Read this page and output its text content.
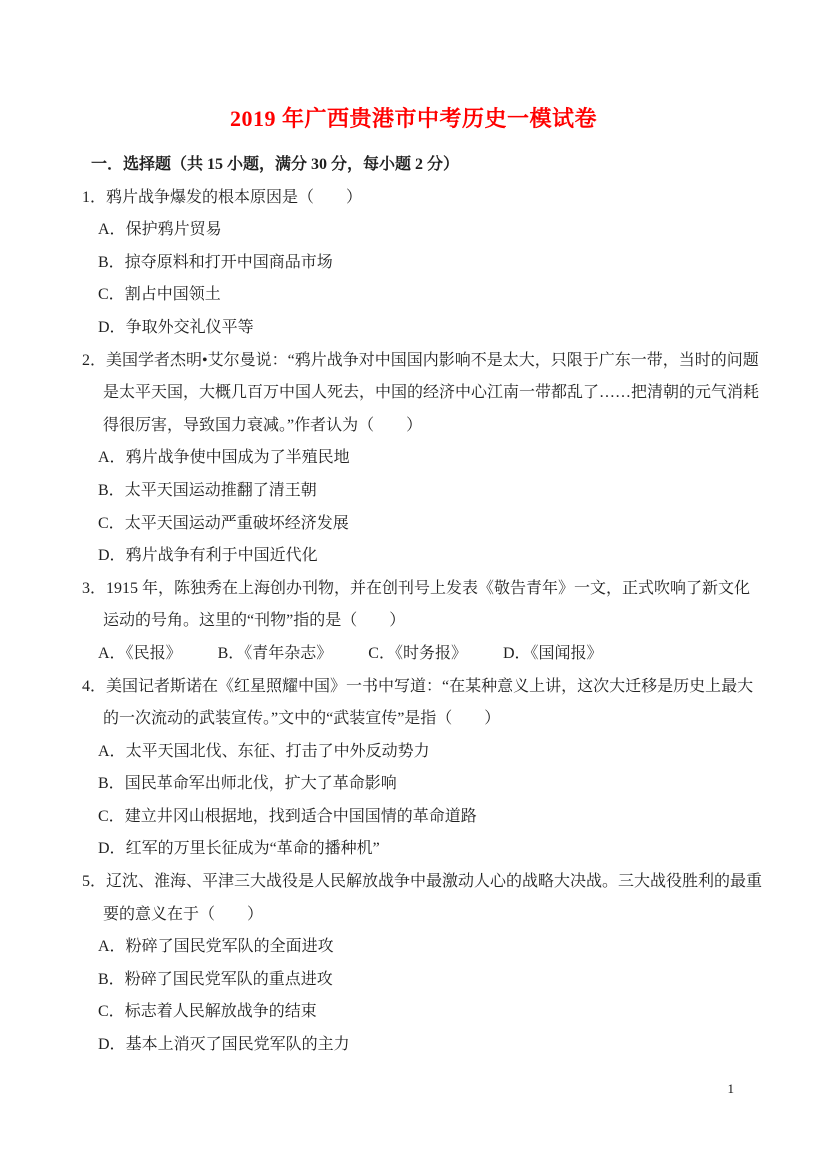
2019 年广西贵港市中考历史一模试卷
一．选择题（共 15 小题，满分 30 分，每小题 2 分）
1．鸦片战争爆发的根本原因是（　　）
A．保护鸦片贸易
B．掠夺原料和打开中国商品市场
C．割占中国领土
D．争取外交礼仪平等
2．美国学者杰明•艾尔曼说：“鸦片战争对中国国内影响不是太大，只限于广东一带，当时的问题是太平天国，大概几百万中国人死去，中国的经济中心江南一带都乱了……把清朝的元气消耗得很厉害，导致国力衰减。”作者认为（　　）
A．鸦片战争使中国成为了半殖民地
B．太平天国运动推翻了清王朝
C．太平天国运动严重破坏经济发展
D．鸦片战争有利于中国近代化
3．1915 年，陈独秀在上海创办刊物，并在创刊号上发表《敬告青年》一文，正式吹响了新文化运动的号角。这里的“刊物”指的是（　　）
A．《民报》 B．《青年杂志》 C．《时务报》 D．《国闻报》
4．美国记者斯诺在《红星照耀中国》一书中写道：“在某种意义上讲，这次大迁移是历史上最大的一次流动的武装宣传。”文中的“武装宣传”是指（　　）
A．太平天国北伐、东征、打击了中外反动势力
B．国民革命军出师北伐，扩大了革命影响
C．建立井冈山根据地，找到适合中国国情的革命道路
D．红军的万里长征成为“革命的播种机”
5．辽沈、淮海、平津三大战役是人民解放战争中最激动人心的战略大决战。三大战役胜利的最重要的意义在于（　　）
A．粉碎了国民党军队的全面进攻
B．粉碎了国民党军队的重点进攻
C．标志着人民解放战争的结束
D．基本上消灭了国民党军队的主力
1
